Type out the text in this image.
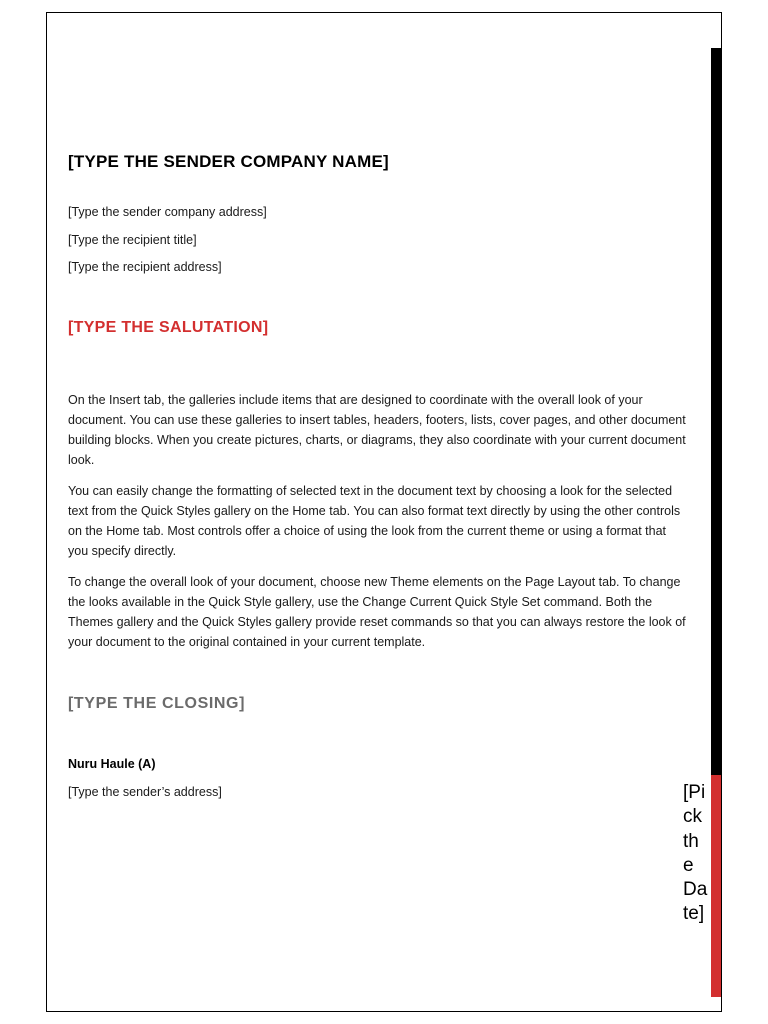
[TYPE THE SENDER COMPANY NAME]

[Type the sender company address]

[Type the recipient title]

[Type the recipient address]

[TYPE THE SALUTATION]

On the Insert tab, the galleries include items that are designed to coordinate with the overall look of your document. You can use these galleries to insert tables, headers, footers, lists, cover pages, and other document building blocks. When you create pictures, charts, or diagrams, they also coordinate with your current document look.

You can easily change the formatting of selected text in the document text by choosing a look for the selected text from the Quick Styles gallery on the Home tab. You can also format text directly by using the other controls on the Home tab. Most controls offer a choice of using the look from the current theme or using a format that you specify directly.

To change the overall look of your document, choose new Theme elements on the Page Layout tab. To change the looks available in the Quick Style gallery, use the Change Current Quick Style Set command. Both the Themes gallery and the Quick Styles gallery provide reset commands so that you can always restore the look of your document to the original contained in your current template.

[TYPE THE CLOSING]

Nuru Haule (A)

[Type the sender’s address]	[Pick the Date]
